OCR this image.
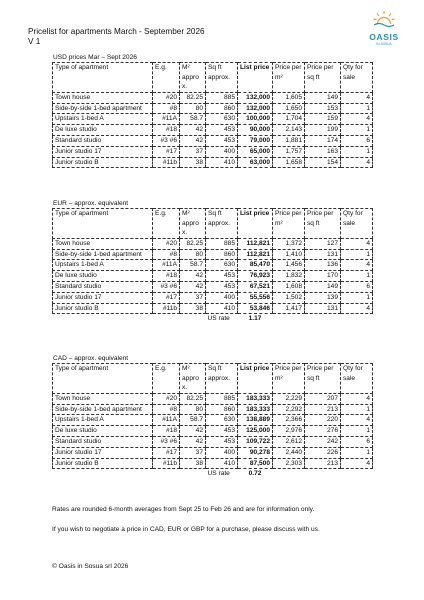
Pricelist for apartments March - September 2026
V 1	OASIS
IN SOSUA
USD prices Mar – Sept 2026
Type of apartment	E.g.	M² appro x.	Sq ft approx.	List price	Price per m²	Price per sq ft	Qty for sale
Town house	#20	82.25	885	132,000	1,605	149	4
Side-by-side 1-bed apartment	#8	80	860	132,000	1,650	153	1
Upstairs 1-bed A	#11A	58.7	630	100,000	1,704	159	4
De luxe studio	#18	42	453	90,000	2,143	199	1
Standard studio	#3 #6	42	453	79,000	1,881	174	6
Junior studio 17	#17	37	400	65,000	1,757	163	1
Junior studio B	#11b	38	410	63,000	1,658	154	4
EUR – approx. equivalent
Type of apartment	E.g.	M² appro x.	Sq ft approx.	List price	Price per m²	Price per sq ft	Qty for sale
Town house	#20	82.25	885	112,821	1,372	127	4
Side-by-side 1-bed apartment	#8	80	860	112,821	1,410	131	1
Upstairs 1-bed A	#11A	58.7	630	85,470	1,456	136	4
De luxe studio	#18	42	453	76,923	1,832	170	1
Standard studio	#3 #6	42	453	67,521	1,608	149	6
Junior studio 17	#17	37	400	55,556	1,502	139	1
Junior studio B	#11b	38	410	53,846	1,417	131	4
			US rate	1.17			
CAD – approx. equivalent
Type of apartment	E.g.	M² appro x.	Sq ft approx.	List price	Price per m²	Price per sq ft	Qty for sale
Town house	#20	82.25	885	183,333	2,229	207	4
Side-by-side 1-bed apartment	#8	80	860	183,333	2,292	213	1
Upstairs 1-bed A	#11A	58.7	630	138,889	2,366	220	4
De luxe studio	#18	42	453	125,000	2,976	276	1
Standard studio	#3 #6	42	453	109,722	2,612	242	6
Junior studio 17	#17	37	400	90,278	2,440	226	1
Junior studio B	#11b	38	410	87,500	2,303	213	4
			US rate	0.72			
Rates are rounded 6-month averages from Sept 25 to Feb 26 and are for information only.
If you wish to negotiate a price in CAD, EUR or GBP for a purchase, please discuss with us.
© Oasis in Sosua srl 2026
